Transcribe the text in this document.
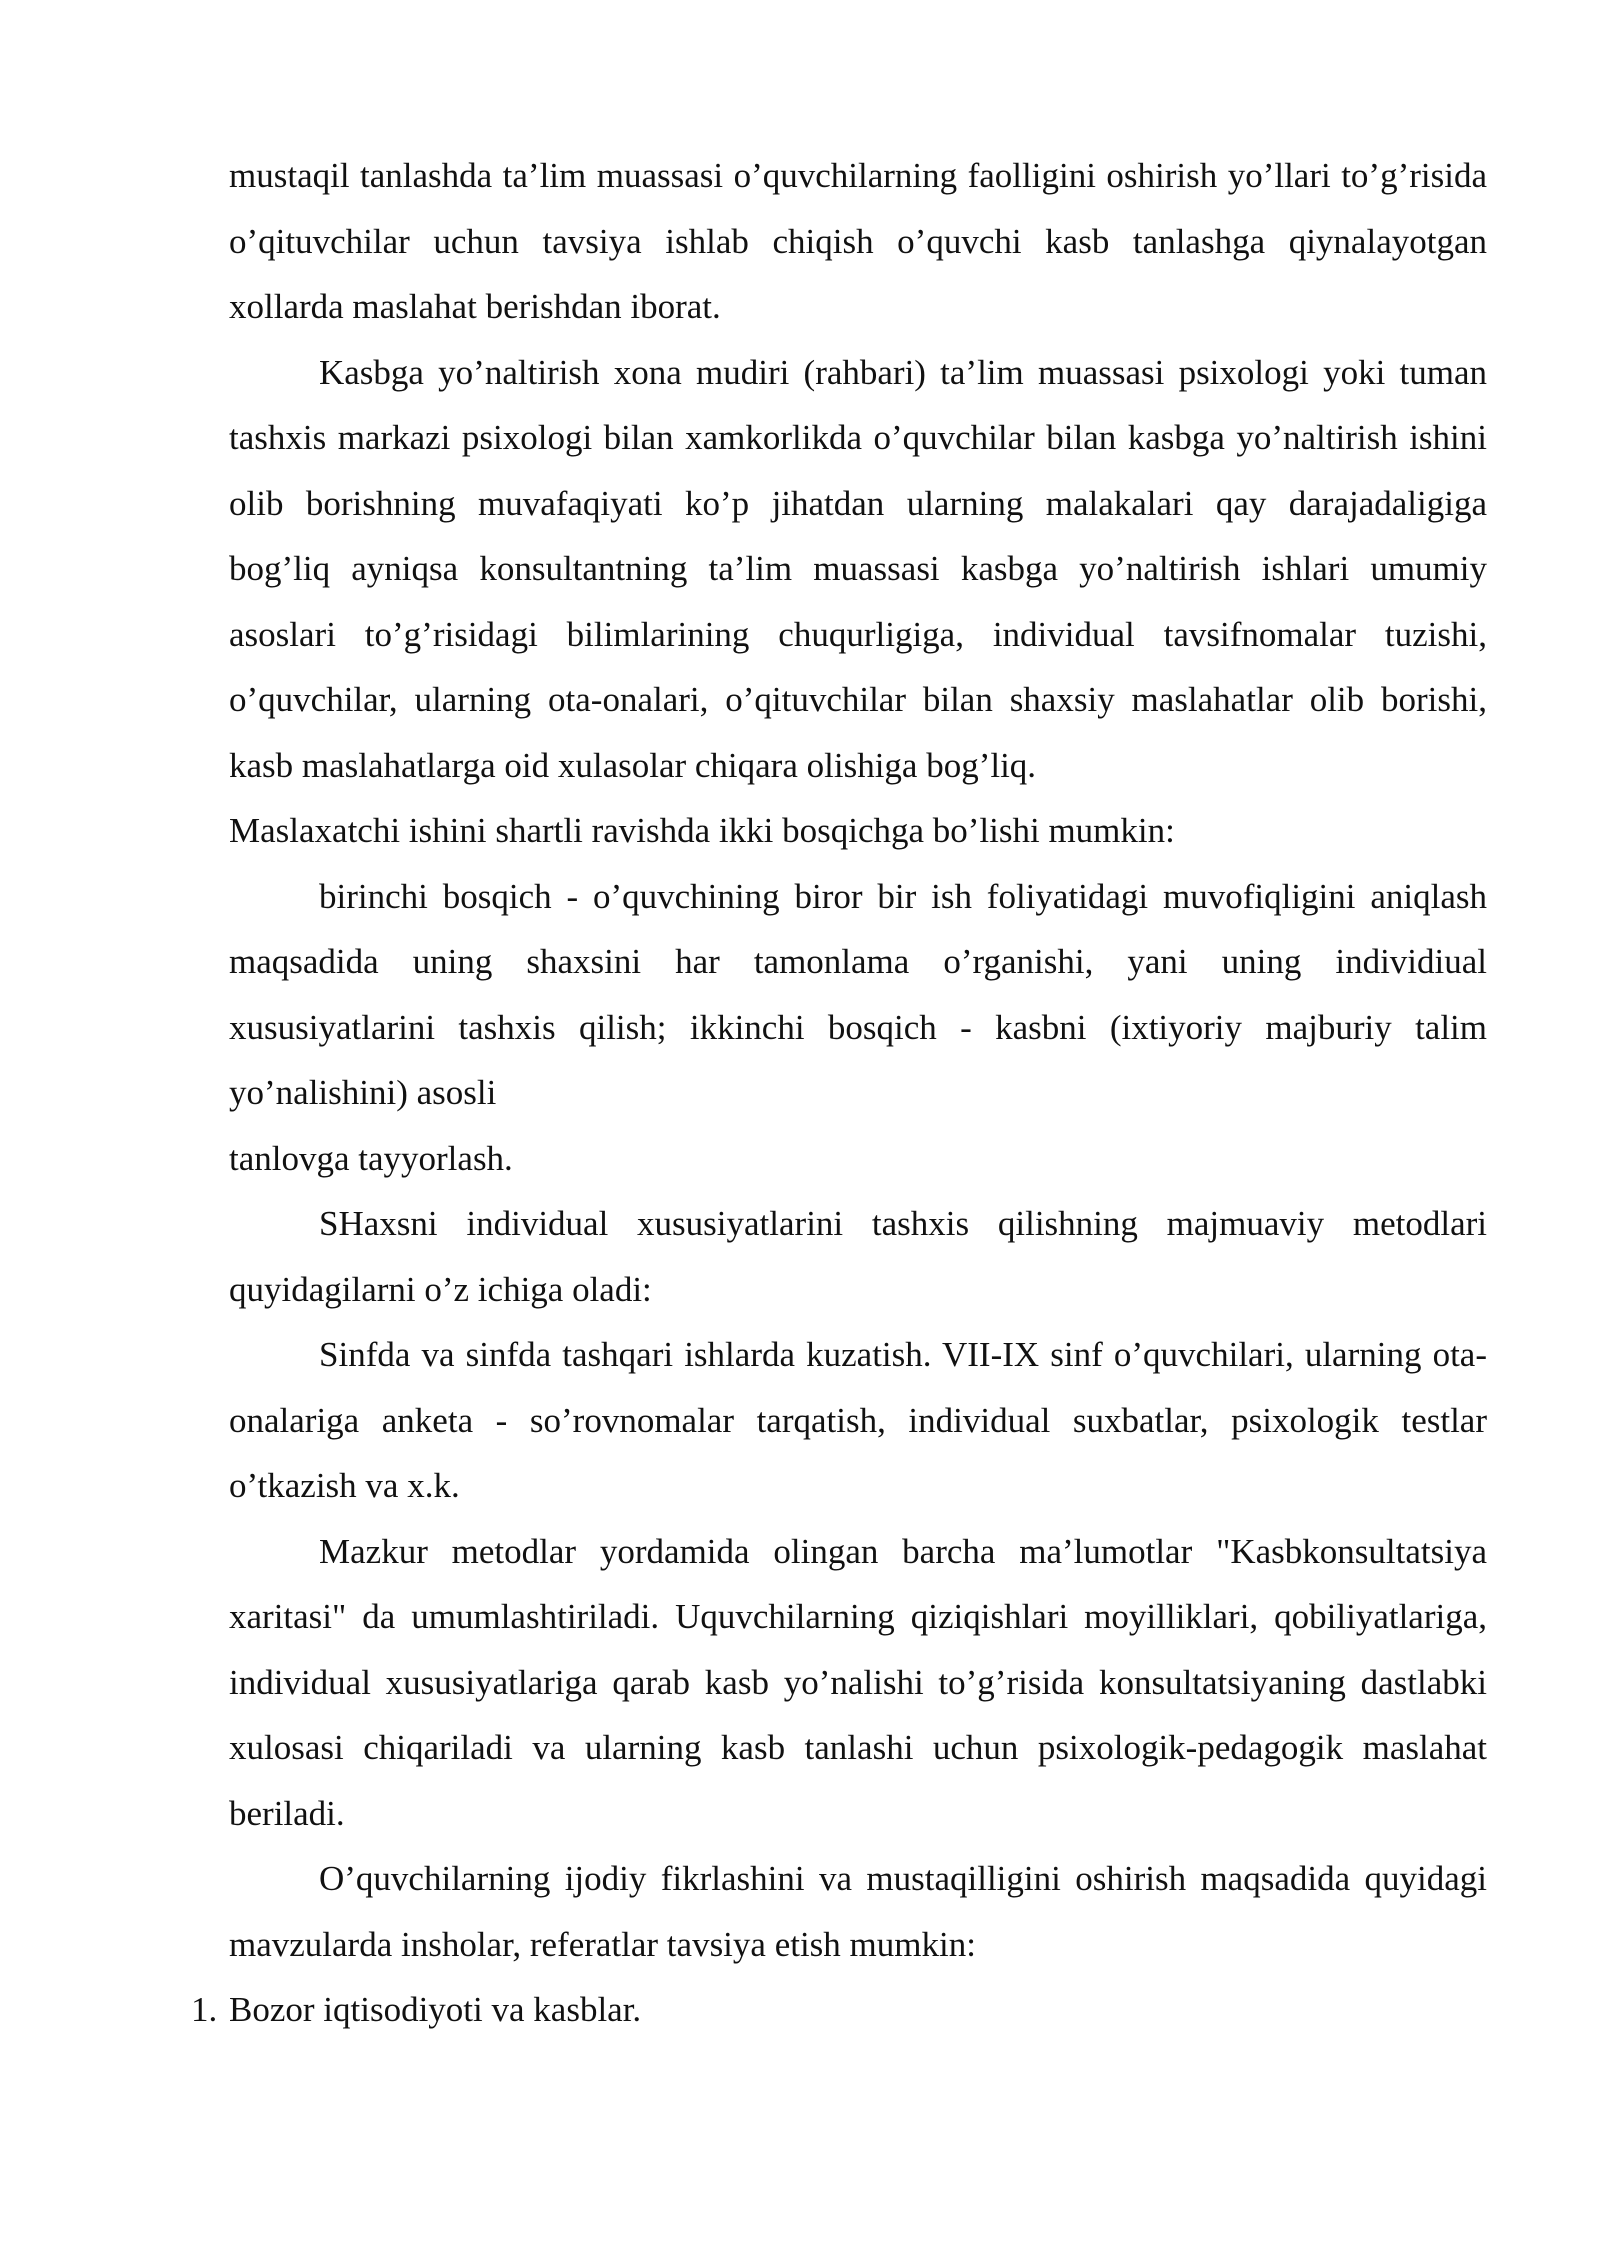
mustaqil tanlashda ta’lim muassasi o’quvchilarning faolligini oshirish yo’llari to’g’risida o’qituvchilar uchun tavsiya ishlab chiqish o’quvchi kasb tanlashga qiynalayotgan xollarda maslahat berishdan iborat.

Kasbga yo’naltirish xona mudiri (rahbari) ta’lim muassasi psixologi yoki tuman tashxis markazi psixologi bilan xamkorlikda o’quvchilar bilan kasbga yo’naltirish ishini olib borishning muvafaqiyati ko’p jihatdan ularning malakalari qay darajadaligiga bog’liq ayniqsa konsultantning ta’lim muassasi kasbga yo’naltirish ishlari umumiy asoslari to’g’risidagi bilimlarining chuqurligiga, individual tavsifnomalar tuzishi, o’quvchilar, ularning ota-onalari, o’qituvchilar bilan shaxsiy maslahatlar olib borishi, kasb maslahatlarga oid xulasolar chiqara olishiga bog’liq.

Maslaxatchi ishini shartli ravishda ikki bosqichga bo’lishi mumkin:

birinchi bosqich - o’quvchining biror bir ish foliyatidagi muvofiqligini aniqlash maqsadida uning shaxsini har tamonlama o’rganishi, yani uning individiual xususiyatlarini tashxis qilish; ikkinchi bosqich - kasbni (ixtiyoriy majburiy talim yo’nalishini) asosli

tanlovga tayyorlash.

SHaxsni individual xususiyatlarini tashxis qilishning majmuaviy metodlari quyidagilarni o’z ichiga oladi:

Sinfda va sinfda tashqari ishlarda kuzatish. VII-IX sinf o’quvchilari, ularning ota-onalariga anketa - so’rovnomalar tarqatish, individual suxbatlar, psixologik testlar o’tkazish va x.k.

Mazkur metodlar yordamida olingan barcha ma’lumotlar "Kasbkonsultatsiya xaritasi" da umumlashtiriladi. Uquvchilarning qiziqishlari moyilliklari, qobiliyatlariga, individual xususiyatlariga qarab kasb yo’nalishi to’g’risida konsultatsiyaning dastlabki xulosasi chiqariladi va ularning kasb tanlashi uchun psixologik-pedagogik maslahat beriladi.

O’quvchilarning ijodiy fikrlashini va mustaqilligini oshirish maqsadida quyidagi mavzularda insholar, referatlar tavsiya etish mumkin:

1. Bozor iqtisodiyoti va kasblar.
